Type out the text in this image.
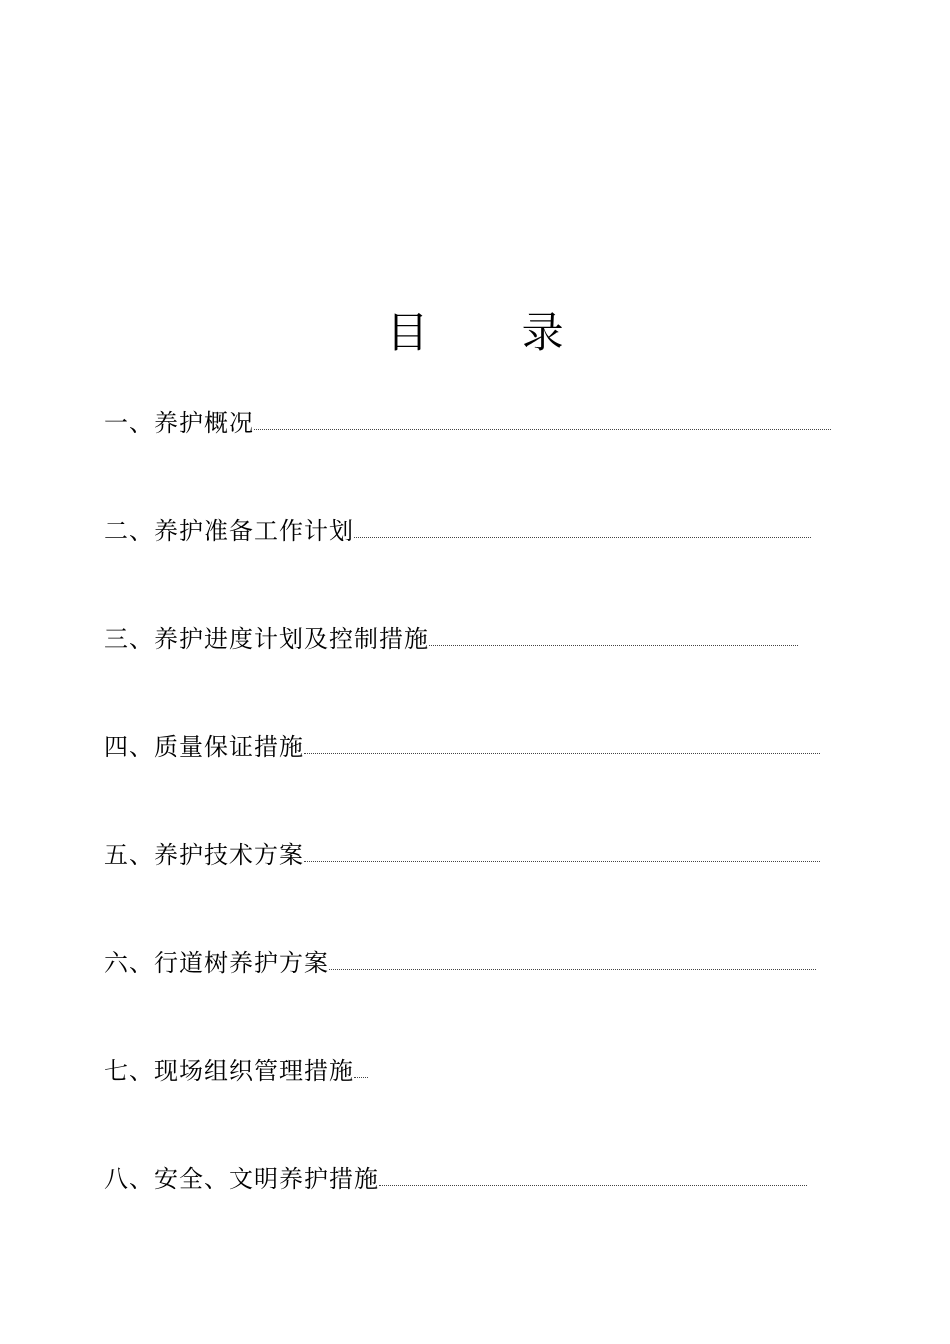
目 录
一、养护概况
二、养护准备工作计划
三、养护进度计划及控制措施
四、质量保证措施
五、养护技术方案
六、行道树养护方案
七、现场组织管理措施
八、安全、文明养护措施
